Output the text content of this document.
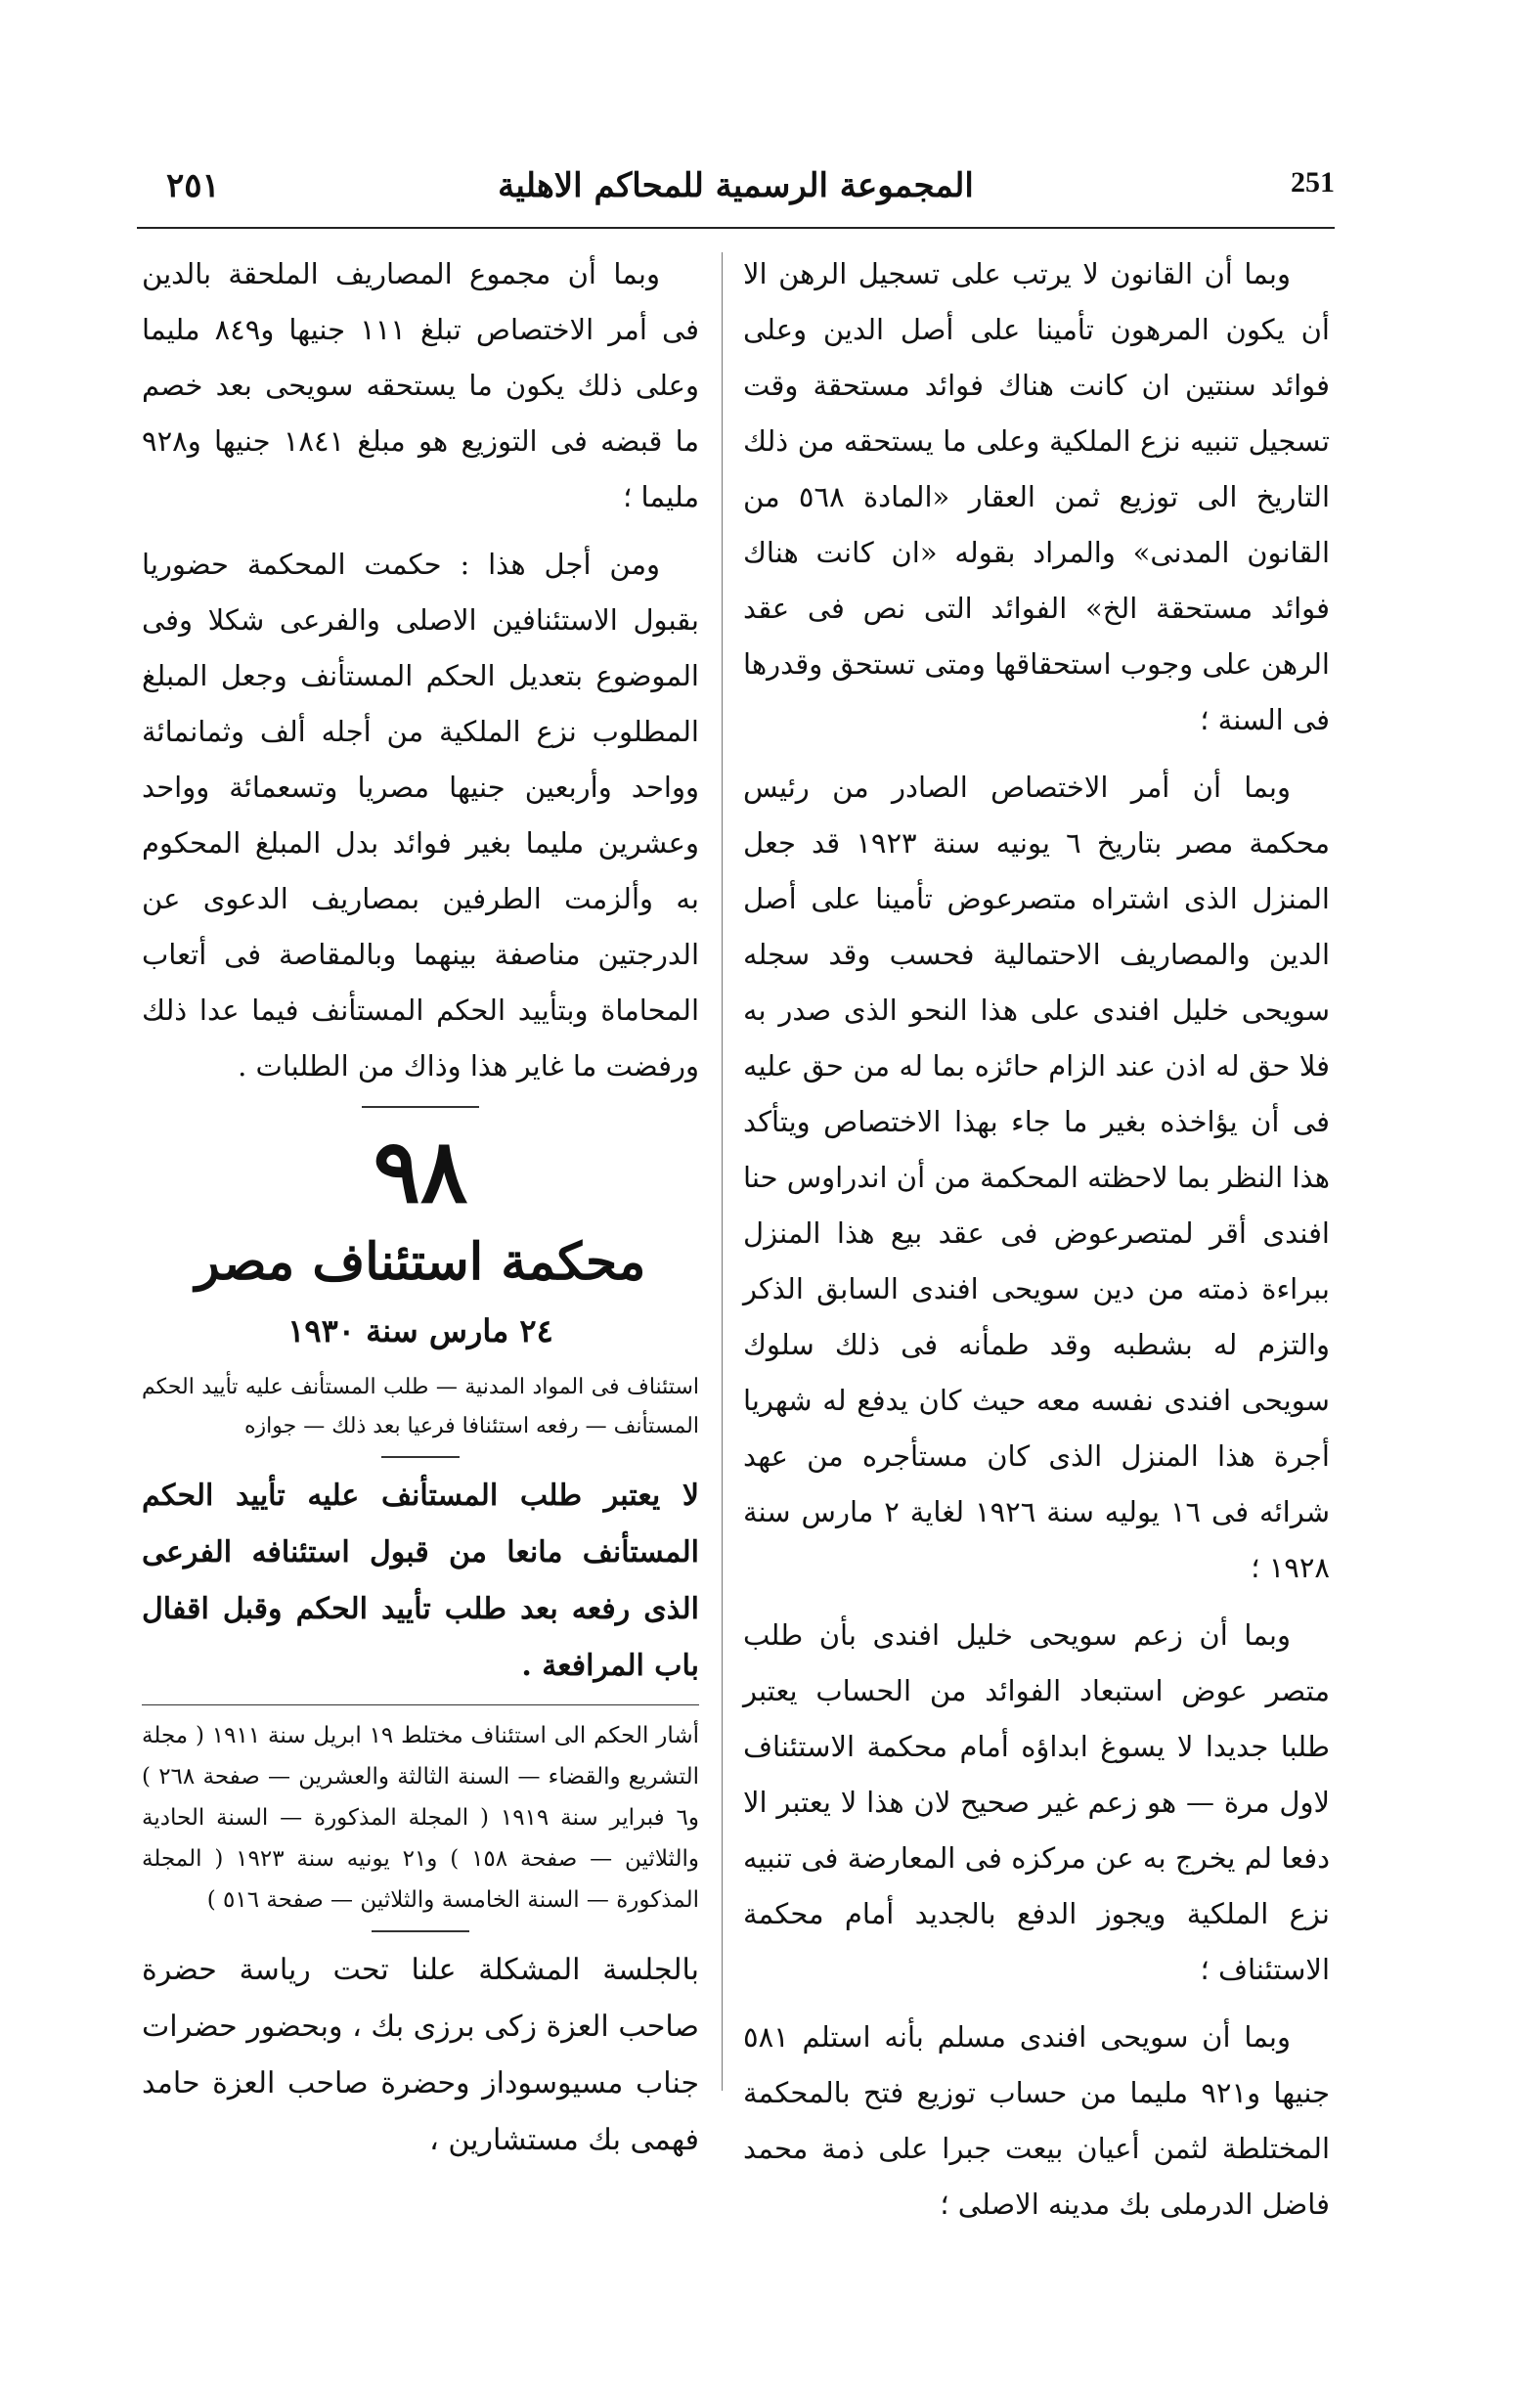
٢٥١	المجموعة الرسمية للمحاكم الاهلية	251

وبما أن القانون لا يرتب على تسجيل الرهن الا أن يكون المرهون تأمينا على أصل الدين وعلى فوائد سنتين ان كانت هناك فوائد مستحقة وقت تسجيل تنبيه نزع الملكية وعلى ما يستحقه من ذلك التاريخ الى توزيع ثمن العقار «المادة ٥٦٨ من القانون المدنى» والمراد بقوله «ان كانت هناك فوائد مستحقة الخ» الفوائد التى نص فى عقد الرهن على وجوب استحقاقها ومتى تستحق وقدرها فى السنة ؛

وبما أن أمر الاختصاص الصادر من رئيس محكمة مصر بتاريخ ٦ يونيه سنة ١٩٢٣ قد جعل المنزل الذى اشتراه متصرعوض تأمينا على أصل الدين والمصاريف الاحتمالية فحسب وقد سجله سويحى خليل افندى على هذا النحو الذى صدر به فلا حق له اذن عند الزام حائزه بما له من حق عليه فى أن يؤاخذه بغير ما جاء بهذا الاختصاص ويتأكد هذا النظر بما لاحظته المحكمة من أن اندراوس حنا افندى أقر لمتصرعوض فى عقد بيع هذا المنزل ببراءة ذمته من دين سويحى افندى السابق الذكر والتزم له بشطبه وقد طمأنه فى ذلك سلوك سويحى افندى نفسه معه حيث كان يدفع له شهريا أجرة هذا المنزل الذى كان مستأجره من عهد شرائه فى ١٦ يوليه سنة ١٩٢٦ لغاية ٢ مارس سنة ١٩٢٨ ؛

وبما أن زعم سويحى خليل افندى بأن طلب متصر عوض استبعاد الفوائد من الحساب يعتبر طلبا جديدا لا يسوغ ابداؤه أمام محكمة الاستئناف لاول مرة — هو زعم غير صحيح لان هذا لا يعتبر الا دفعا لم يخرج به عن مركزه فى المعارضة فى تنبيه نزع الملكية ويجوز الدفع بالجديد أمام محكمة الاستئناف ؛

وبما أن سويحى افندى مسلم بأنه استلم ٥٨١ جنيها و٩٢١ مليما من حساب توزيع فتح بالمحكمة المختلطة لثمن أعيان بيعت جبرا على ذمة محمد فاضل الدرملى بك مدينه الاصلى ؛

وبما أن مجموع المصاريف الملحقة بالدين فى أمر الاختصاص تبلغ ١١١ جنيها و٨٤٩ مليما وعلى ذلك يكون ما يستحقه سويحى بعد خصم ما قبضه فى التوزيع هو مبلغ ١٨٤١ جنيها و٩٢٨ مليما ؛

ومن أجل هذا : حكمت المحكمة حضوريا بقبول الاستئنافين الاصلى والفرعى شكلا وفى الموضوع بتعديل الحكم المستأنف وجعل المبلغ المطلوب نزع الملكية من أجله ألف وثمانمائة وواحد وأربعين جنيها مصريا وتسعمائة وواحد وعشرين مليما بغير فوائد بدل المبلغ المحكوم به وألزمت الطرفين بمصاريف الدعوى عن الدرجتين مناصفة بينهما وبالمقاصة فى أتعاب المحاماة وبتأييد الحكم المستأنف فيما عدا ذلك ورفضت ما غاير هذا وذاك من الطلبات .

٩٨
محكمة استئناف مصر
٢٤ مارس سنة ١٩٣٠
استئناف فى المواد المدنية — طلب المستأنف عليه تأييد الحكم المستأنف — رفعه استئنافا فرعيا بعد ذلك — جوازه
لا يعتبر طلب المستأنف عليه تأييد الحكم المستأنف مانعا من قبول استئنافه الفرعى الذى رفعه بعد طلب تأييد الحكم وقبل اقفال باب المرافعة .
أشار الحكم الى استئناف مختلط ١٩ ابريل سنة ١٩١١ ( مجلة التشريع والقضاء — السنة الثالثة والعشرين — صفحة ٢٦٨ ) و٦ فبراير سنة ١٩١٩ ( المجلة المذكورة — السنة الحادية والثلاثين — صفحة ١٥٨ ) و٢١ يونيه سنة ١٩٢٣ ( المجلة المذكورة — السنة الخامسة والثلاثين — صفحة ٥١٦ )
بالجلسة المشكلة علنا تحت رياسة حضرة صاحب العزة زكى برزى بك ، وبحضور حضرات جناب مسيوسوداز وحضرة صاحب العزة حامد فهمى بك مستشارين ،
